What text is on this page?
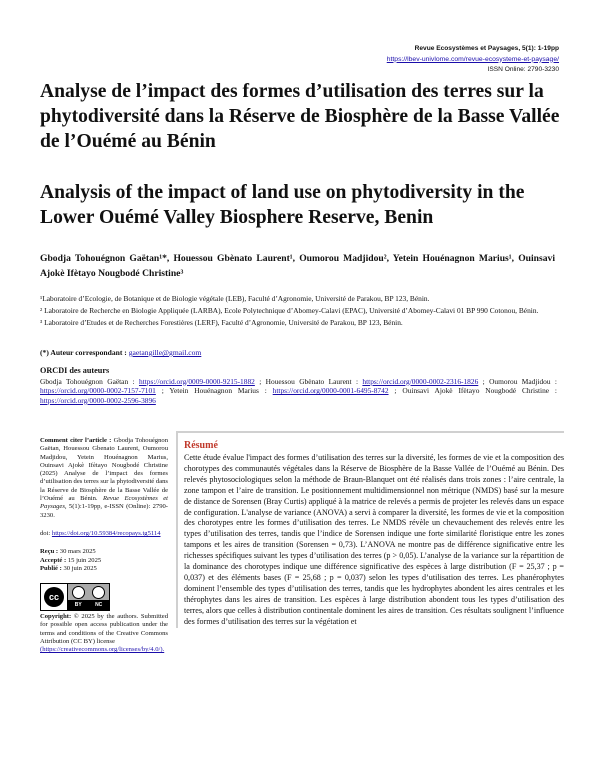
Revue Ecosystèmes et Paysages, 5(1): 1-19pp
https://lbev-univlome.com/revue-ecosysteme-et-paysage/
ISSN Online: 2790-3230
Analyse de l’impact des formes d’utilisation des terres sur la phytodiversité dans la Réserve de Biosphère de la Basse Vallée de l’Ouémé au Bénin
Analysis of the impact of land use on phytodiversity in the Lower Ouémé Valley Biosphere Reserve, Benin
Gbodja Tohouégnon Gaëtan¹*, Houessou Gbènato Laurent¹, Oumorou Madjidou², Yetein Houénagnon Marius¹, Ouinsavi Ajokè Ifètayo Nougbodé Christine³

¹Laboratoire d’Ecologie, de Botanique et de Biologie végétale (LEB), Faculté d’Agronomie, Université de Parakou, BP 123, Bénin.

² Laboratoire de Recherche en Biologie Appliquée (LARBA), Ecole Polytechnique d’Abomey-Calavi (EPAC), Université d’Abomey-Calavi 01 BP 990 Cotonou, Bénin.

³ Laboratoire d’Etudes et de Recherches Forestières (LERF), Faculté d’Agronomie, Université de Parakou, BP 123, Bénin.

(*) Auteur correspondant : gaetangille@gmail.com
ORCDI des auteurs

Gbodja Tohouégnon Gaëtan : https://orcid.org/0009-0000-9215-1882 ; Houessou Gbènato Laurent : https://orcid.org/0000-0002-2316-1826 ; Oumorou Madjidou : https://orcid.org/0000-0002-7157-7101 ; Yetein Houénagnon Marius : https://orcid.org/0000-0001-6495-8742 ; Ouinsavi Ajokè Ifètayo Nougbodé Christine : https://orcid.org/0000-0002-2596-3896

Comment citer l’article : Gbodja Tohouégnon Gaëtan, Houessou Gbenato Laurent, Oumorou Madjidou, Yetein Houénagnon Marius, Ouinsavi Ajokè Ifètayo Nougbodé Christine (2025) Analyse de l’impact des formes d’utilisation des terres sur la phytodiversité dans la Réserve de Biosphère de la Basse Vallée de l’Ouémé au Bénin. Revue Ecosystèmes et Paysages, 5(1):1-19pp, e-ISSN (Online): 2790-3230.

doi: https://doi.org/10.59384/recopays.tg5114

Reçu : 30 mars 2025
Accepté : 15 juin 2025
Publié : 30 juin 2025

cc
BY	NC

Copyright: © 2025 by the authors. Submitted for possible open access publication under the terms and conditions of the Creative Commons Attribution (CC BY) license
(https://creativecommons.org/licenses/by/4.0/).

Résumé

Cette étude évalue l'impact des formes d’utilisation des terres sur la diversité, les formes de vie et la composition des chorotypes des communautés végétales dans la Réserve de Biosphère de la Basse Vallée de l’Ouémé au Bénin. Des relevés phytosociologiques selon la méthode de Braun-Blanquet ont été réalisés dans trois zones : l’aire centrale, la zone tampon et l’aire de transition. Le positionnement multidimensionnel non métrique (NMDS) basé sur la mesure de distance de Sorensen (Bray Curtis) appliqué à la matrice de relevés a permis de projeter les relevés dans un espace de configuration. L'analyse de variance (ANOVA) a servi à comparer la diversité, les formes de vie et la composition des chorotypes entre les formes d’utilisation des terres. Le NMDS révèle un chevauchement des relevés entre les types d’utilisation des terres, tandis que l’indice de Sorensen indique une forte similarité floristique entre les zones tampons et les aires de transition (Sorensen = 0,73). L’ANOVA ne montre pas de différence significative entre les richesses spécifiques suivant les types d’utilisation des terres (p > 0,05). L’analyse de la variance sur la répartition de la dominance des chorotypes indique une différence significative des espèces à large distribution (F = 25,37 ; p = 0,037) et des éléments bases (F = 25,68 ; p = 0,037) selon les types d’utilisation des terres. Les phanérophytes dominent l’ensemble des types d’utilisation des terres, tandis que les hydrophytes abondent les aires centrales et les thérophytes dans les aires de transition. Les espèces à large distribution abondent tous les types d’utilisation des terres, alors que celles à distribution continentale dominent les aires de transition. Ces résultats soulignent l’influence des formes d’utilisation des terres sur la végétation et
